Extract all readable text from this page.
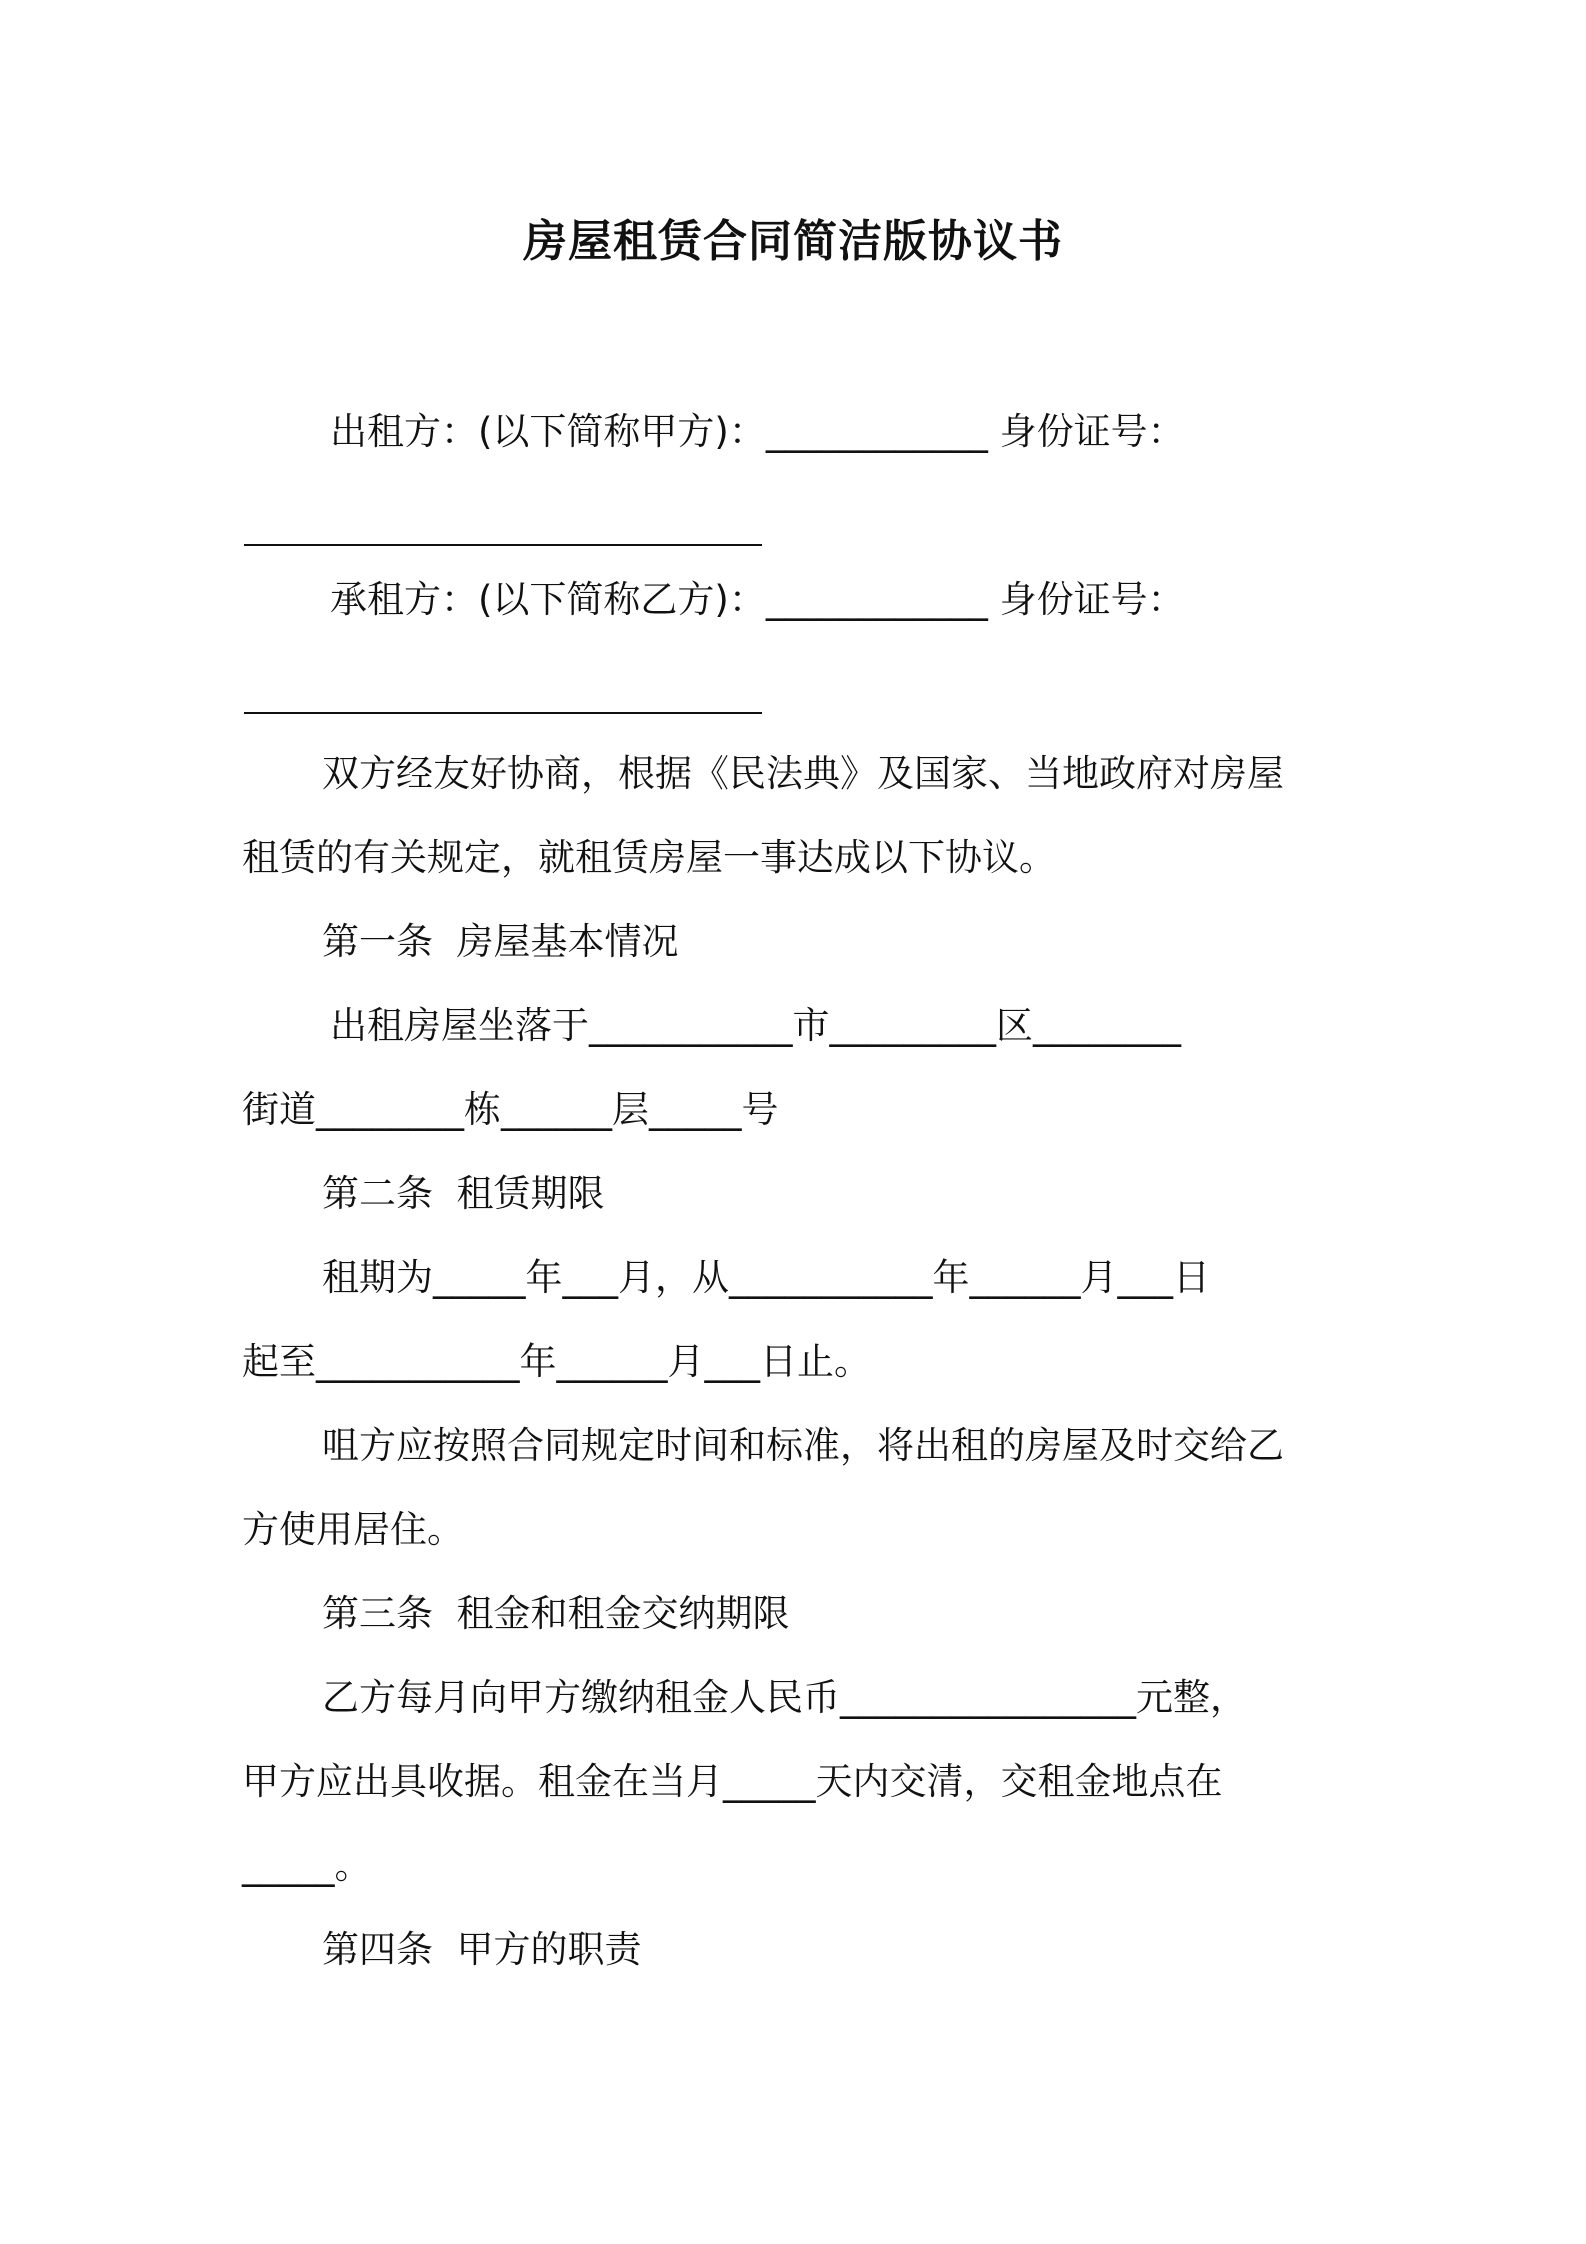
房屋租赁合同简洁版协议书
出租方：(以下简称甲方)：____________ 身份证号：
承租方：(以下简称乙方)：____________ 身份证号：
双方经友好协商，根据《民法典》及国家、当地政府对房屋
租赁的有关规定，就租赁房屋一事达成以下协议。
第一条  房屋基本情况
出租房屋坐落于___________市_________区________
街道________栋______层_____号
第二条  租赁期限
租期为_____年___月，从___________年______月___日
起至___________年______月___日止。
咀方应按照合同规定时间和标准，将出租的房屋及时交给乙
方使用居住。
第三条  租金和租金交纳期限
乙方每月向甲方缴纳租金人民币________________元整，
甲方应出具收据。租金在当月_____天内交清，交租金地点在
_____。
第四条  甲方的职责
